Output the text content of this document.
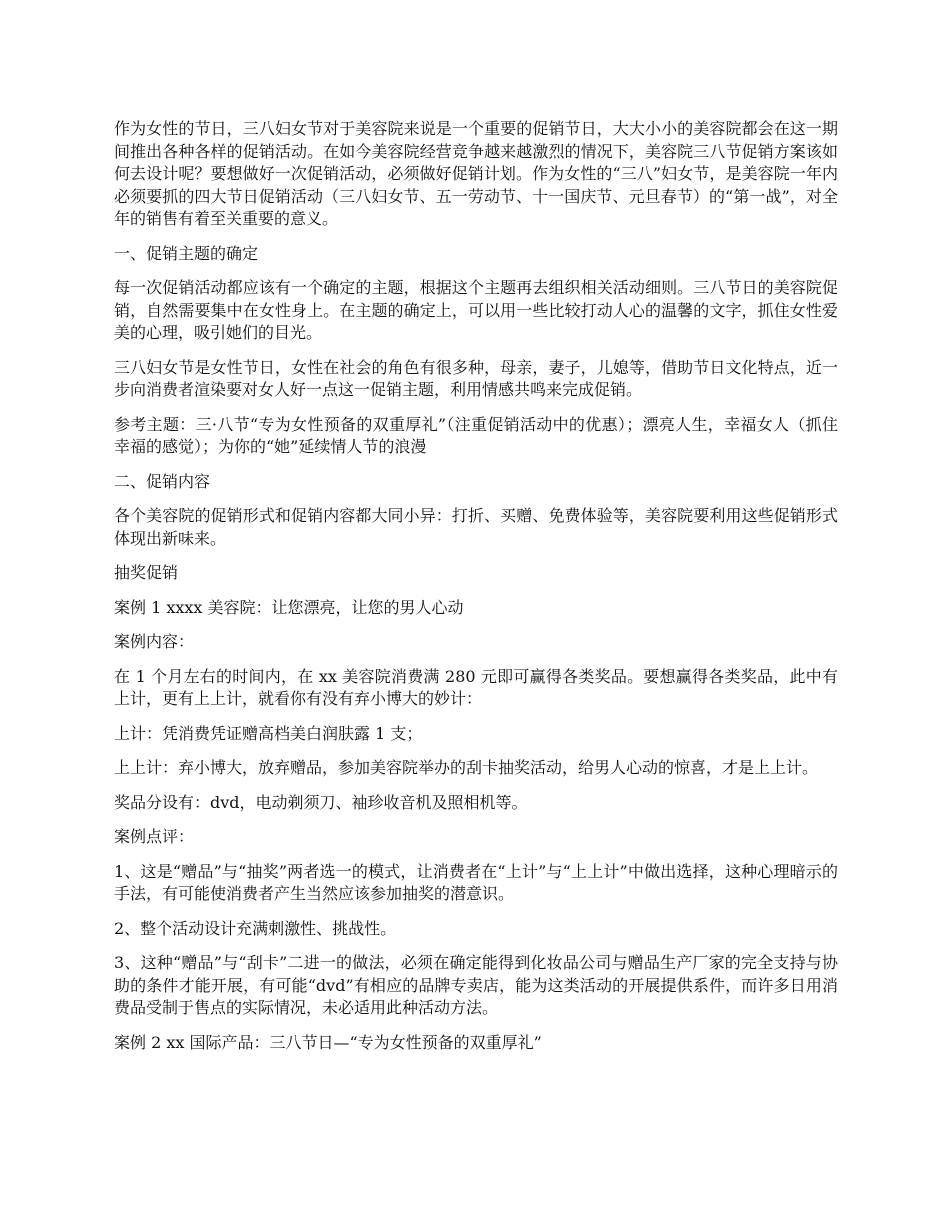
作为女性的节日，三八妇女节对于美容院来说是一个重要的促销节日，大大小小的美容院都会在这一期间推出各种各样的促销活动。在如今美容院经营竞争越来越激烈的情况下，美容院三八节促销方案该如何去设计呢？要想做好一次促销活动，必须做好促销计划。作为女性的“三八”妇女节，是美容院一年内必须要抓的四大节日促销活动（三八妇女节、五一劳动节、十一国庆节、元旦春节）的“第一战”，对全年的销售有着至关重要的意义。

一、促销主题的确定

每一次促销活动都应该有一个确定的主题，根据这个主题再去组织相关活动细则。三八节日的美容院促销，自然需要集中在女性身上。在主题的确定上，可以用一些比较打动人心的温馨的文字，抓住女性爱美的心理，吸引她们的目光。

三八妇女节是女性节日，女性在社会的角色有很多种，母亲，妻子，儿媳等，借助节日文化特点，近一步向消费者渲染要对女人好一点这一促销主题，利用情感共鸣来完成促销。

参考主题：三·八节“专为女性预备的双重厚礼”（注重促销活动中的优惠）；漂亮人生，幸福女人（抓住幸福的感觉）；为你的“她”延续情人节的浪漫

二、促销内容

各个美容院的促销形式和促销内容都大同小异：打折、买赠、免费体验等，美容院要利用这些促销形式体现出新味来。

抽奖促销

案例 1 xxxx 美容院：让您漂亮，让您的男人心动

案例内容：

在 1 个月左右的时间内，在 xx 美容院消费满 280 元即可赢得各类奖品。要想赢得各类奖品，此中有上计，更有上上计，就看你有没有弃小博大的妙计：

上计：凭消费凭证赠高档美白润肤露 1 支；

上上计：弃小博大，放弃赠品，参加美容院举办的刮卡抽奖活动，给男人心动的惊喜，才是上上计。

奖品分设有：dvd，电动剃须刀、袖珍收音机及照相机等。

案例点评：

1、这是“赠品”与“抽奖”两者选一的模式，让消费者在“上计”与“上上计”中做出选择，这种心理暗示的手法，有可能使消费者产生当然应该参加抽奖的潜意识。

2、整个活动设计充满刺激性、挑战性。

3、这种“赠品”与“刮卡”二进一的做法，必须在确定能得到化妆品公司与赠品生产厂家的完全支持与协助的条件才能开展，有可能“dvd”有相应的品牌专卖店，能为这类活动的开展提供系件，而许多日用消费品受制于售点的实际情况，未必适用此种活动方法。

案例 2 xx 国际产品：三八节日—“专为女性预备的双重厚礼”
